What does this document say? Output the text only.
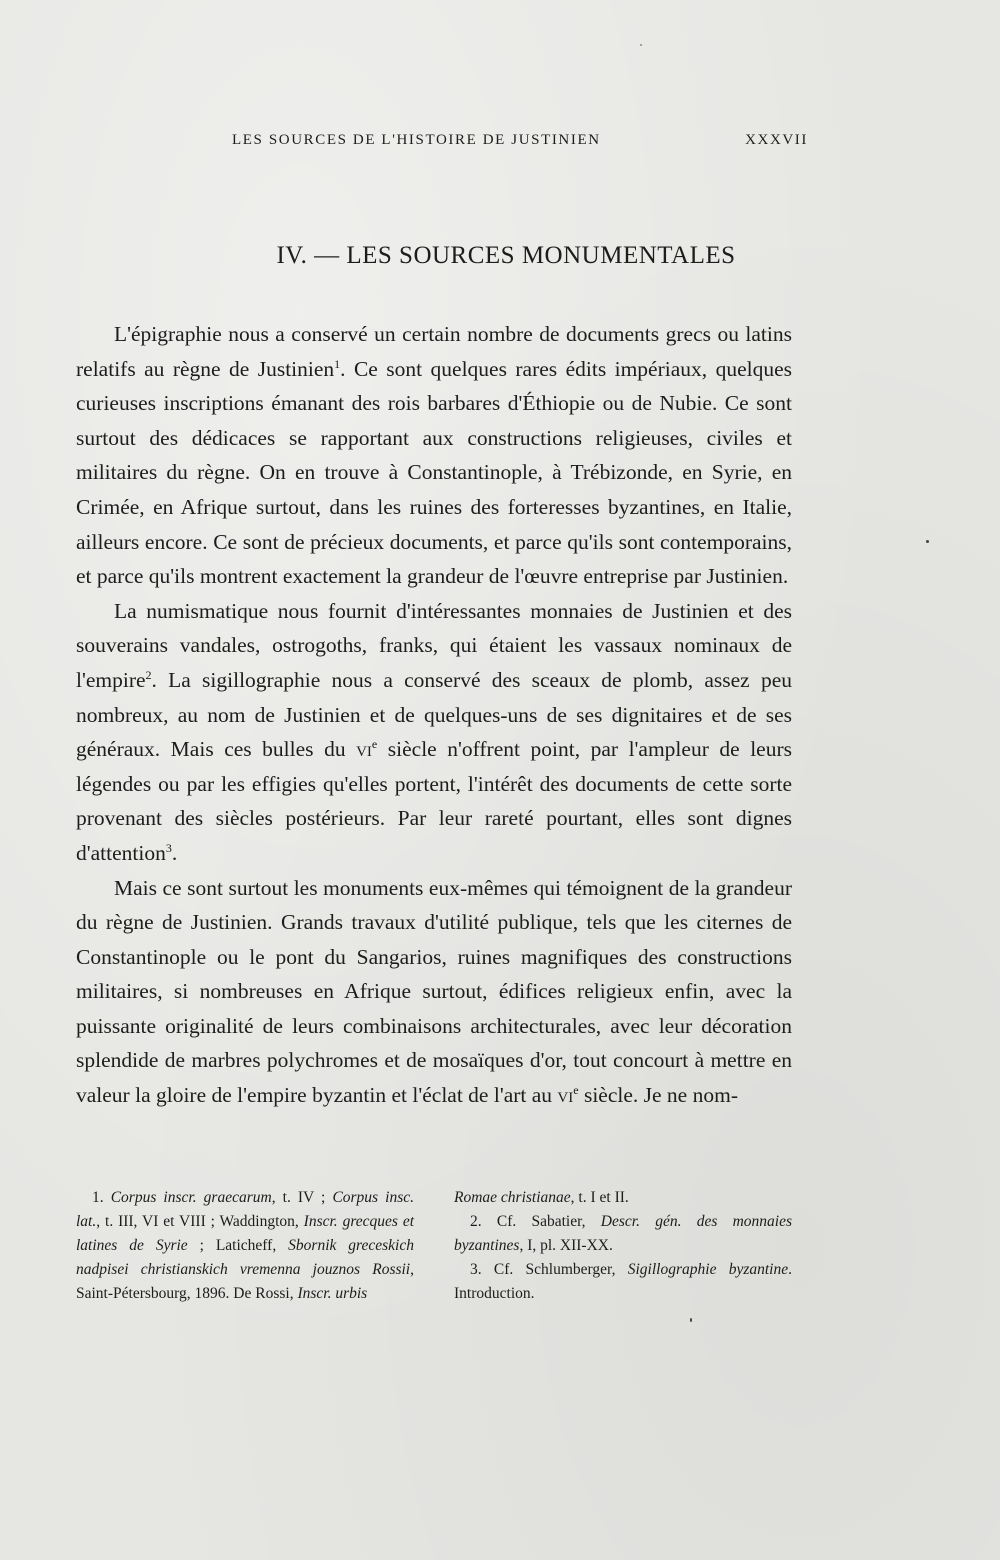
LES SOURCES DE L'HISTOIRE DE JUSTINIEN	XXXVII
IV. — LES SOURCES MONUMENTALES

L'épigraphie nous a conservé un certain nombre de documents grecs ou latins relatifs au règne de Justinien$^1$. Ce sont quelques rares édits impériaux, quelques curieuses inscriptions émanant des rois barbares d'Éthiopie ou de Nubie. Ce sont surtout des dédicaces se rapportant aux constructions religieuses, civiles et militaires du règne. On en trouve à Constantinople, à Trébizonde, en Syrie, en Crimée, en Afrique surtout, dans les ruines des forteresses byzantines, en Italie, ailleurs encore. Ce sont de précieux documents, et parce qu'ils sont contemporains, et parce qu'ils montrent exactement la grandeur de l'œuvre entreprise par Justinien.

La numismatique nous fournit d'intéressantes monnaies de Justinien et des souverains vandales, ostrogoths, franks, qui étaient les vassaux nominaux de l'empire$^2$. La sigillographie nous a conservé des sceaux de plomb, assez peu nombreux, au nom de Justinien et de quelques-uns de ses dignitaires et de ses généraux. Mais ces bulles du $vi^e$ siècle n'offrent point, par l'ampleur de leurs légendes ou par les effigies qu'elles portent, l'intérêt des documents de cette sorte provenant des siècles postérieurs. Par leur rareté pourtant, elles sont dignes d'attention$^3$.

Mais ce sont surtout les monuments eux-mêmes qui témoignent de la grandeur du règne de Justinien. Grands travaux d'utilité publique, tels que les citernes de Constantinople ou le pont du Sangarios, ruines magnifiques des constructions militaires, si nombreuses en Afrique surtout, édifices religieux enfin, avec la puissante originalité de leurs combinaisons architecturales, avec leur décoration splendide de marbres polychromes et de mosaïques d'or, tout concourt à mettre en valeur la gloire de l'empire byzantin et l'éclat de l'art au $vi^e$ siècle. Je ne nom-

1. Corpus inscr. graecarum, t. IV ; Corpus insc. lat., t. III, VI et VIII ; Waddington, Inscr. grecques et latines de Syrie ; Laticheff, Sbornik greceskich nadpisei christianskich vremenna jouznos Rossii, Saint-Pétersbourg, 1896. De Rossi, Inscr. urbis

Romae christianae, t. I et II.

2. Cf. Sabatier, Descr. gén. des monnaies byzantines, I, pl. XII-XX.

3. Cf. Schlumberger, Sigillographie byzantine. Introduction.
